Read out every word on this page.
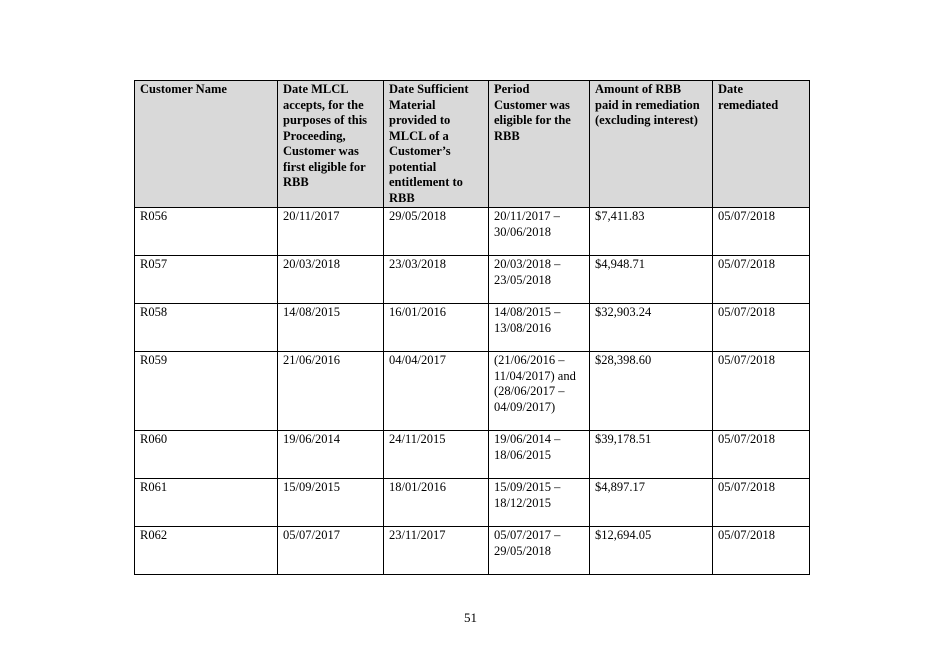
Customer Name	Date MLCL accepts, for the purposes of this Proceeding, Customer was first eligible for RBB	Date Sufficient Material provided to MLCL of a Customer’s potential entitlement to RBB	Period Customer was eligible for the RBB	Amount of RBB paid in remediation (excluding interest)	Date remediated
R056	20/11/2017	29/05/2018	20/11/2017 – 30/06/2018	$7,411.83	05/07/2018
R057	20/03/2018	23/03/2018	20/03/2018 – 23/05/2018	$4,948.71	05/07/2018
R058	14/08/2015	16/01/2016	14/08/2015 – 13/08/2016	$32,903.24	05/07/2018
R059	21/06/2016	04/04/2017	(21/06/2016 – 11/04/2017) and (28/06/2017 – 04/09/2017)	$28,398.60	05/07/2018
R060	19/06/2014	24/11/2015	19/06/2014 – 18/06/2015	$39,178.51	05/07/2018
R061	15/09/2015	18/01/2016	15/09/2015 – 18/12/2015	$4,897.17	05/07/2018
R062	05/07/2017	23/11/2017	05/07/2017 – 29/05/2018	$12,694.05	05/07/2018
51
